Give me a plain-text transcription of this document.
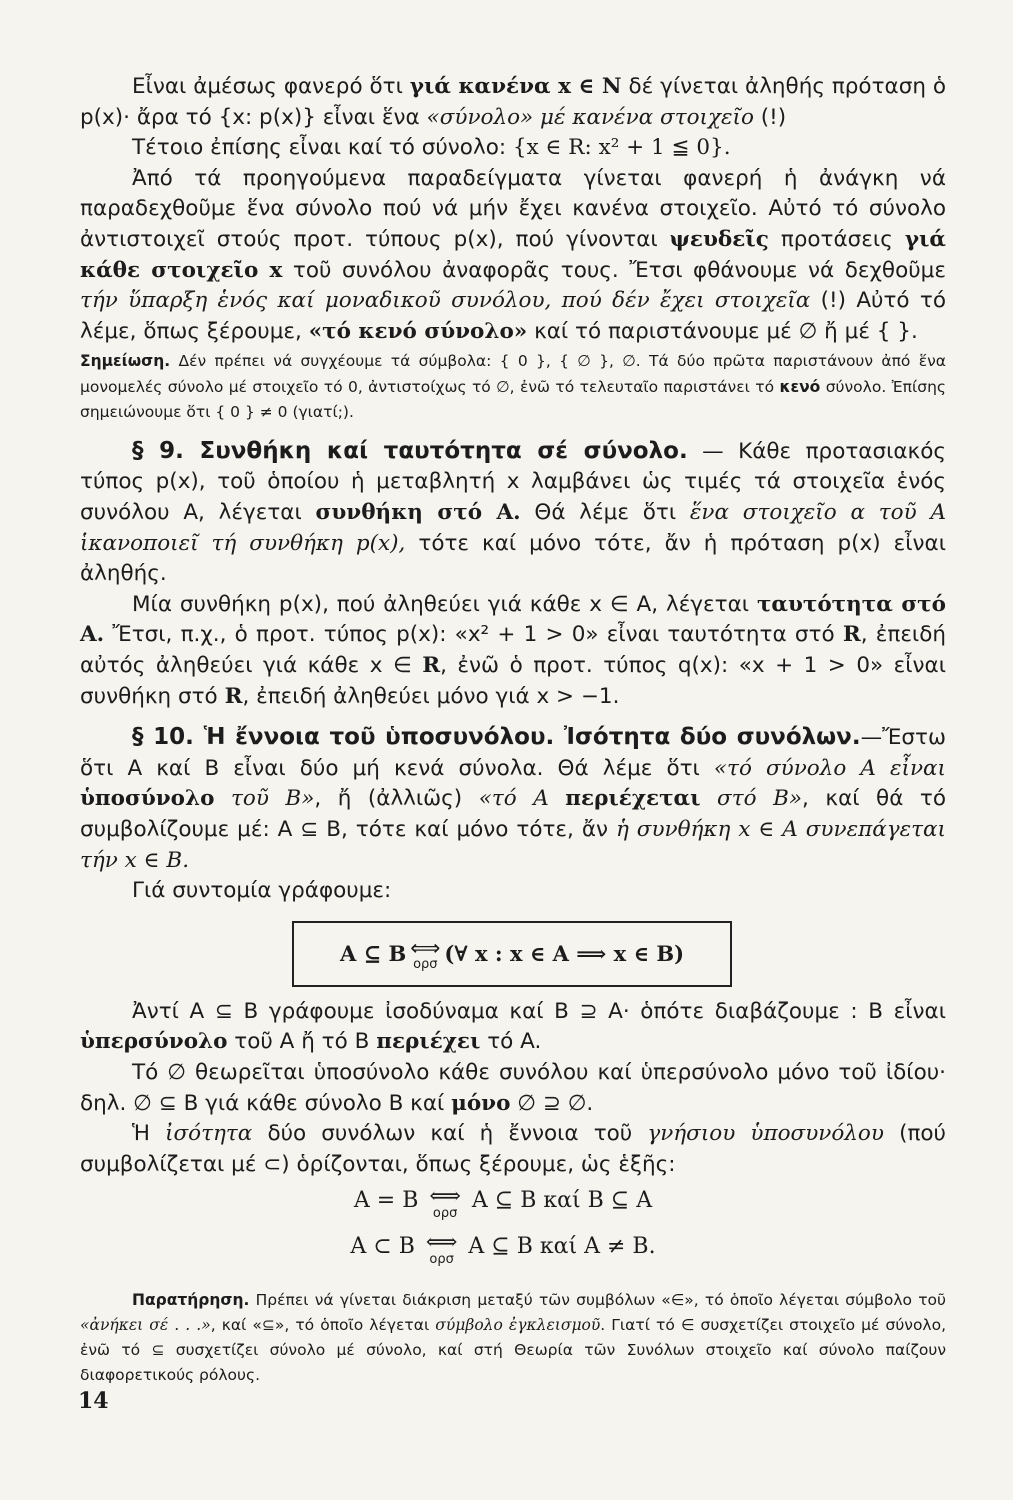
Εἶναι ἀμέσως φανερό ὅτι γιά κανένα x ∈ N δέ γίνεται ἀληθής πρόταση ὁ p(x)· ἄρα τό {x: p(x)} εἶναι ἕνα «σύνολο» μέ κανένα στοιχεῖο (!)

Τέτοιο ἐπίσης εἶναι καί τό σύνολο: {x ∈ R: x² + 1 ≦ 0}.

Ἀπό τά προηγούμενα παραδείγματα γίνεται φανερή ἡ ἀνάγκη νά παραδεχθοῦμε ἕνα σύνολο πού νά μήν ἔχει κανένα στοιχεῖο. Αὐτό τό σύνολο ἀντιστοιχεῖ στούς προτ. τύπους p(x), πού γίνονται ψευδεῖς προτάσεις γιά κάθε στοιχεῖο x τοῦ συνόλου ἀναφορᾶς τους. Ἔτσι φθάνουμε νά δεχθοῦμε τήν ὕπαρξη ἑνός καί μοναδικοῦ συνόλου, πού δέν ἔχει στοιχεῖα (!) Αὐτό τό λέμε, ὅπως ξέρουμε, «τό κενό σύνολο» καί τό παριστάνουμε μέ ∅ ἤ μέ { }.

Σημείωση. Δέν πρέπει νά συγχέουμε τά σύμβολα: { 0 }, { ∅ }, ∅. Τά δύο πρῶτα παριστάνουν ἀπό ἕνα μονομελές σύνολο μέ στοιχεῖο τό 0, ἀντιστοίχως τό ∅, ἐνῶ τό τελευταῖο παριστάνει τό κενό σύνολο. Ἐπίσης σημειώνουμε ὅτι { 0 } ≠ 0 (γιατί;).

§ 9. Συνθήκη καί ταυτότητα σέ σύνολο. — Κάθε προτασιακός τύπος p(x), τοῦ ὁποίου ἡ μεταβλητή x λαμβάνει ὡς τιμές τά στοιχεῖα ἑνός συνόλου A, λέγεται συνθήκη στό A. Θά λέμε ὅτι ἕνα στοιχεῖο α τοῦ A ἱκανοποιεῖ τή συνθήκη p(x), τότε καί μόνο τότε, ἄν ἡ πρόταση p(x) εἶναι ἀληθής.

Μία συνθήκη p(x), πού ἀληθεύει γιά κάθε x ∈ A, λέγεται ταυτότητα στό A. Ἔτσι, π.χ., ὁ προτ. τύπος p(x): «x² + 1 > 0» εἶναι ταυτότητα στό R, ἐπειδή αὐτός ἀληθεύει γιά κάθε x ∈ R, ἐνῶ ὁ προτ. τύπος q(x): «x + 1 > 0» εἶναι συνθήκη στό R, ἐπειδή ἀληθεύει μόνο γιά x > −1.

§ 10. Ἡ ἔννοια τοῦ ὑποσυνόλου. Ἰσότητα δύο συνόλων.—Ἔστω ὅτι A καί B εἶναι δύο μή κενά σύνολα. Θά λέμε ὅτι «τό σύνολο A εἶναι ὑποσύνολο τοῦ B», ἤ (ἀλλιῶς) «τό A περιέχεται στό B», καί θά τό συμβολίζουμε μέ: A ⊆ B, τότε καί μόνο τότε, ἄν ἡ συνθήκη x ∈ A συνεπάγεται τήν x ∈ B.

Γιά συντομία γράφουμε:

A ⊆ B ⟺
ορσ (∀ x : x ∈ A ⟹ x ∈ B)

Ἀντί A ⊆ B γράφουμε ἰσοδύναμα καί B ⊇ A· ὁπότε διαβάζουμε : B εἶναι ὑπερσύνολο τοῦ A ἤ τό B περιέχει τό A.

Τό ∅ θεωρεῖται ὑποσύνολο κάθε συνόλου καί ὑπερσύνολο μόνο τοῦ ἰδίου· δηλ. ∅ ⊆ B γιά κάθε σύνολο B καί μόνο ∅ ⊇ ∅.

Ἡ ἰσότητα δύο συνόλων καί ἡ ἔννοια τοῦ γνήσιου ὑποσυνόλου (πού συμβολίζεται μέ ⊂) ὁρίζονται, ὅπως ξέρουμε, ὡς ἑξῆς:

A = B ⟺
ορσ
A ⊆ B καί B ⊆ A
A ⊂ B ⟺
ορσ
A ⊆ B καί A ≠ B.

Παρατήρηση. Πρέπει νά γίνεται διάκριση μεταξύ τῶν συμβόλων «∈», τό ὁποῖο λέγεται σύμβολο τοῦ «ἀνήκει σέ . . .», καί «⊆», τό ὁποῖο λέγεται σύμβολο ἐγκλεισμοῦ. Γιατί τό ∈ συσχετίζει στοιχεῖο μέ σύνολο, ἐνῶ τό ⊆ συσχετίζει σύνολο μέ σύνολο, καί στή Θεωρία τῶν Συνόλων στοιχεῖο καί σύνολο παίζουν διαφορετικούς ρόλους.

14
